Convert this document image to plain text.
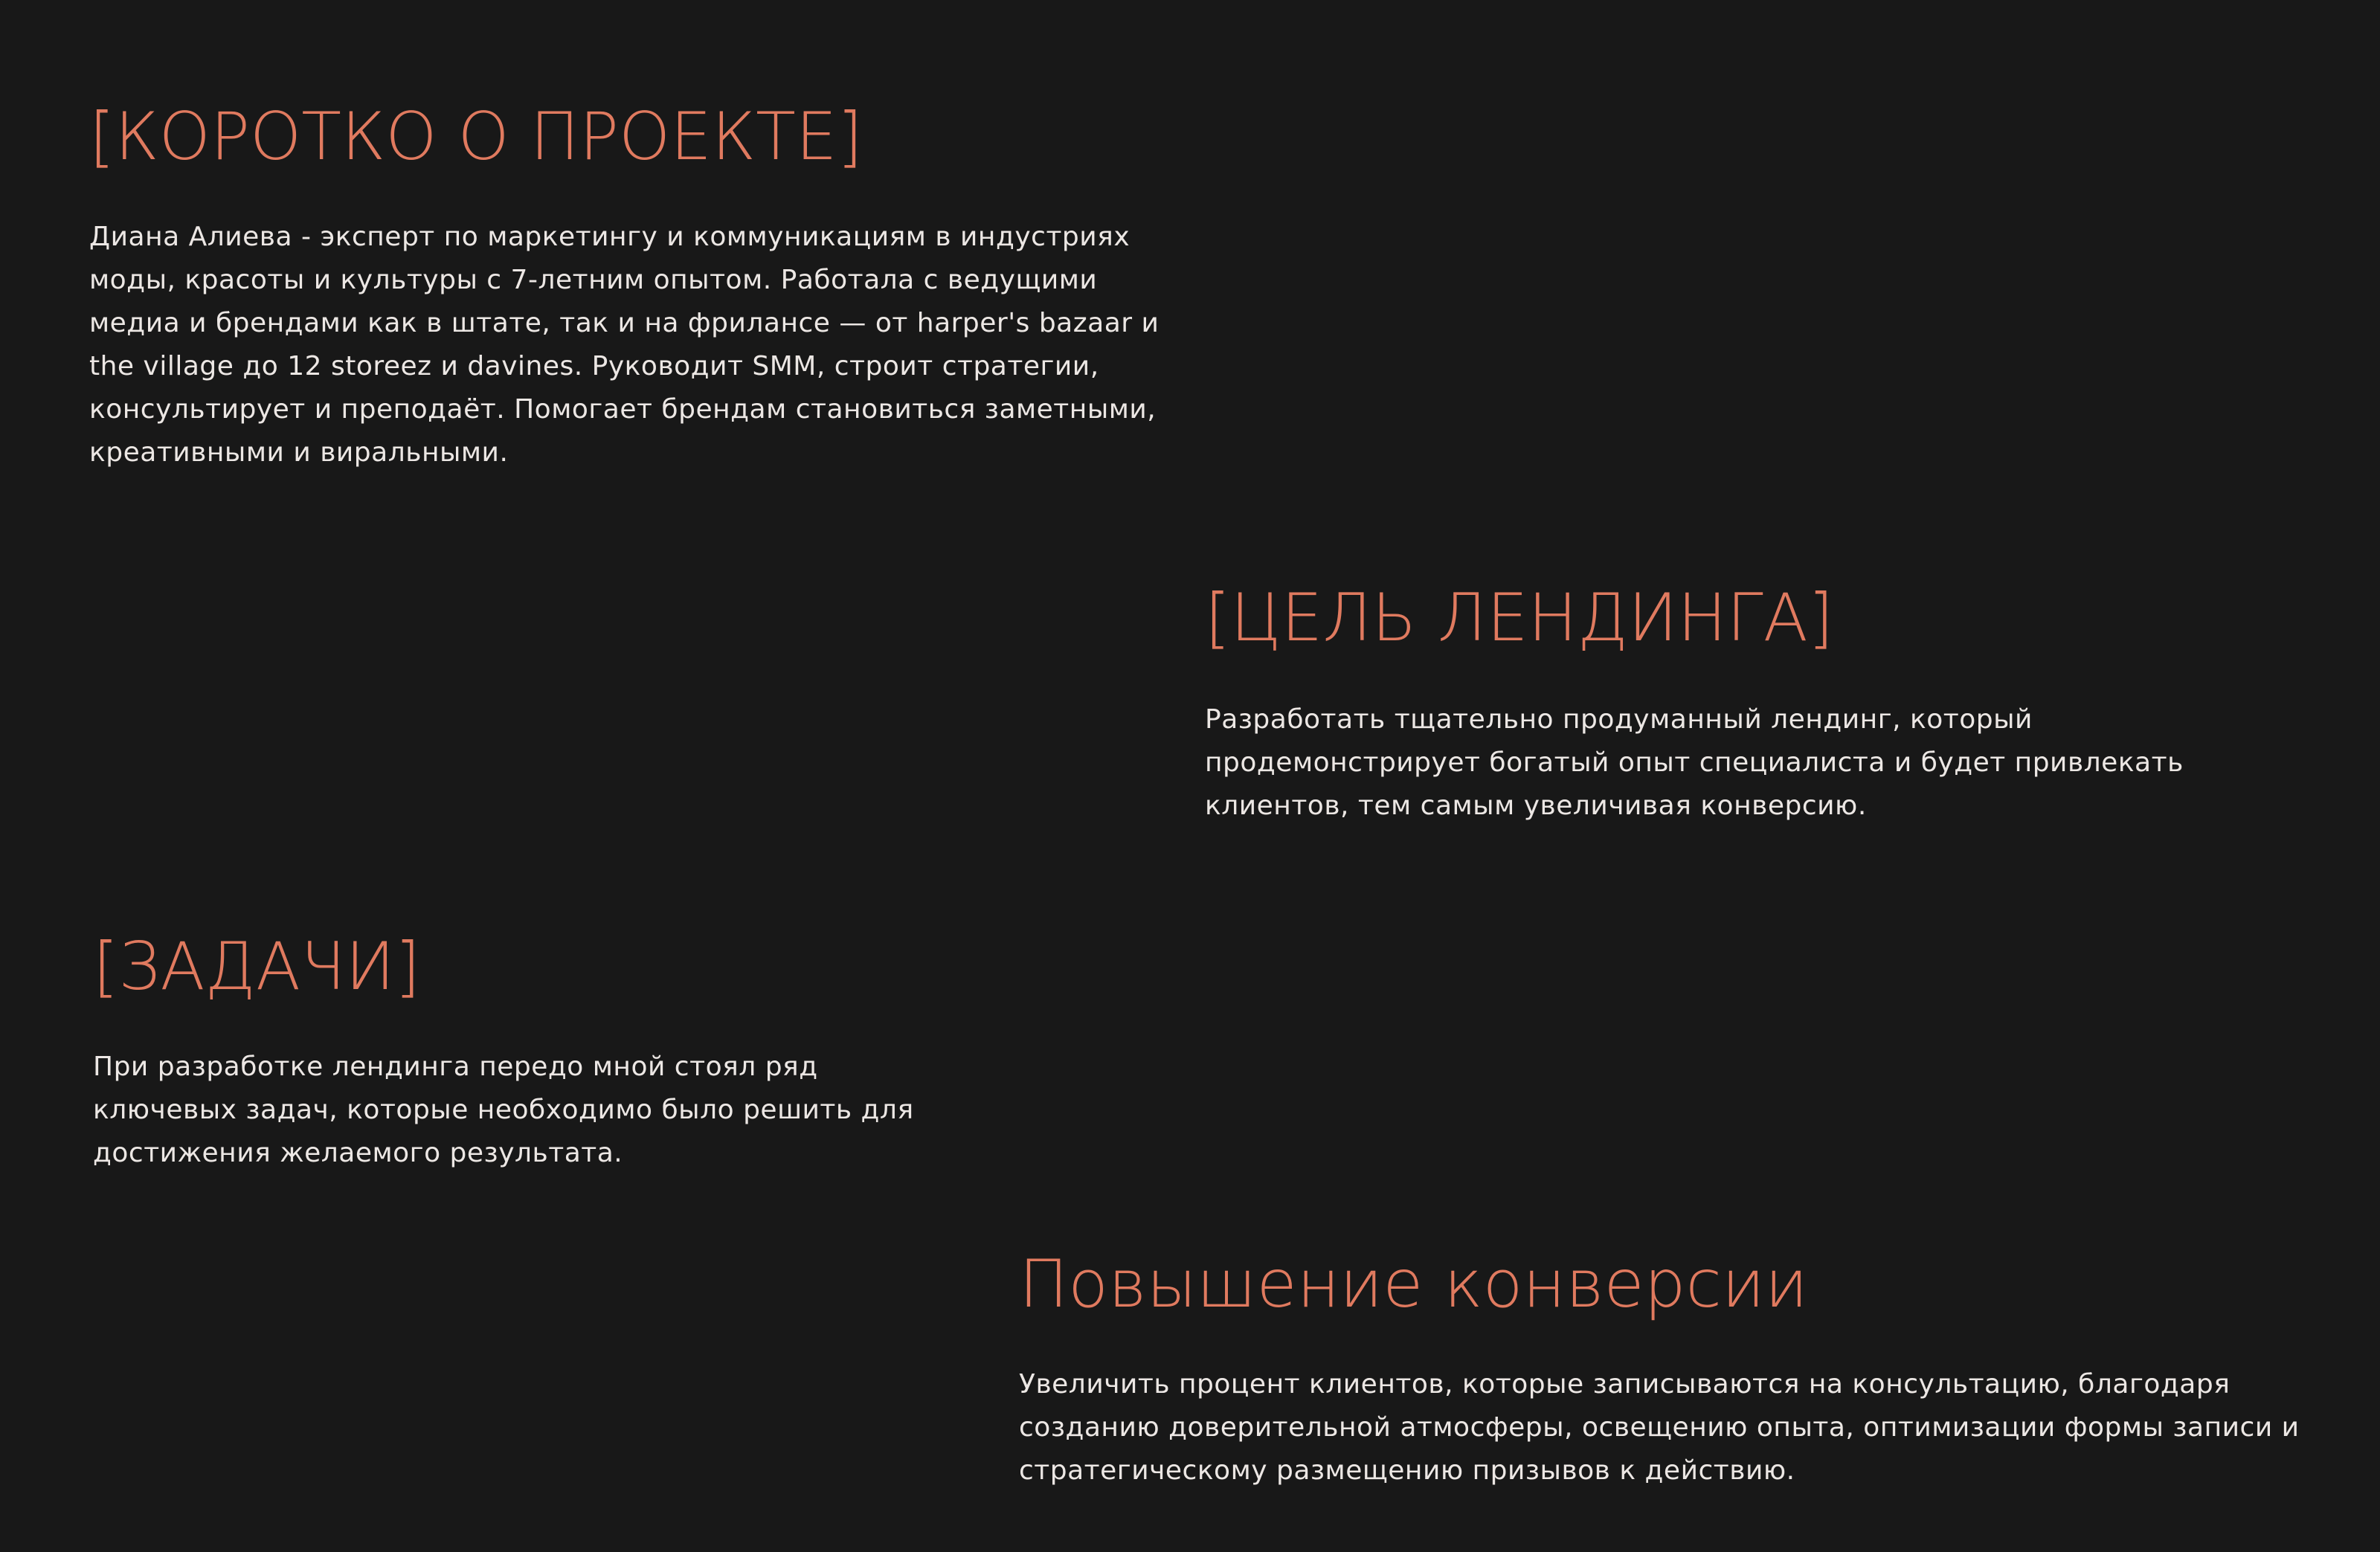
[КОРОТКО О ПРОЕКТЕ]

Диана Алиева - эксперт по маркетингу и коммуникациям в индустриях моды, красоты и культуры с 7-летним опытом. Работала с ведущими медиа и брендами как в штате, так и на фрилансе — от harper's bazaar и the village до 12 storeez и davines. Руководит SMM, строит стратегии, консультирует и преподаёт. Помогает брендам становиться заметными, креативными и виральными.

[ЦЕЛЬ ЛЕНДИНГА]

Разработать тщательно продуманный лендинг, который продемонстрирует богатый опыт специалиста и будет привлекать клиентов, тем самым увеличивая конверсию.

[ЗАДАЧИ]

При разработке лендинга передо мной стоял ряд ключевых задач, которые необходимо было решить для достижения желаемого результата.

Повышение конверсии

Увеличить процент клиентов, которые записываются на консультацию, благодаря созданию доверительной атмосферы, освещению опыта, оптимизации формы записи и стратегическому размещению призывов к действию.
